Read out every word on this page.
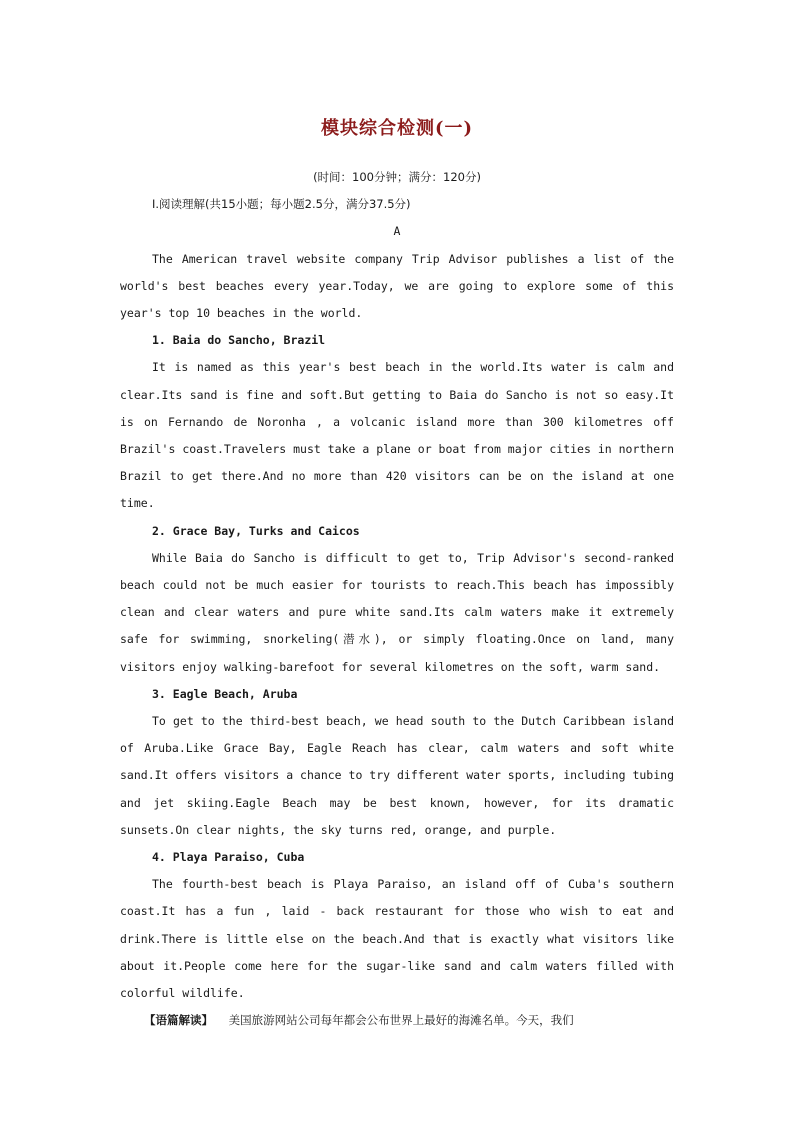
模块综合检测(一)

(时间：100分钟；满分：120分)

Ⅰ.阅读理解(共15小题；每小题2.5分，满分37.5分)

A

The American travel website company Trip Advisor publishes a list of the world's best beaches every year.Today, we are going to explore some of this year's top 10 beaches in the world.

1. Baia do Sancho, Brazil

It is named as this year's best beach in the world.Its water is calm and clear.Its sand is fine and soft.But getting to Baia do Sancho is not so easy.It is on Fernando de Noronha , a volcanic island more than 300 kilometres off Brazil's coast.Travelers must take a plane or boat from major cities in northern Brazil to get there.And no more than 420 visitors can be on the island at one time.

2. Grace Bay, Turks and Caicos

While Baia do Sancho is difficult to get to, Trip Advisor's second-ranked beach could not be much easier for tourists to reach.This beach has impossibly clean and clear waters and pure white sand.Its calm waters make it extremely safe for swimming, snorkeling(潜水), or simply floating.Once on land, many visitors enjoy walking-barefoot for several kilometres on the soft, warm sand.

3. Eagle Beach, Aruba

To get to the third-best beach, we head south to the Dutch Caribbean island of Aruba.Like Grace Bay, Eagle Reach has clear, calm waters and soft white sand.It offers visitors a chance to try different water sports, including tubing and jet skiing.Eagle Beach may be best known, however, for its dramatic sunsets.On clear nights, the sky turns red, orange, and purple.

4. Playa Paraiso, Cuba

The fourth-best beach is Playa Paraiso, an island off of Cuba's southern coast.It has a fun , laid - back restaurant for those who wish to eat and drink.There is little else on the beach.And that is exactly what visitors like about it.People come here for the sugar-like sand and calm waters filled with colorful wildlife.

【语篇解读】 美国旅游网站公司每年都会公布世界上最好的海滩名单。今天，我们
